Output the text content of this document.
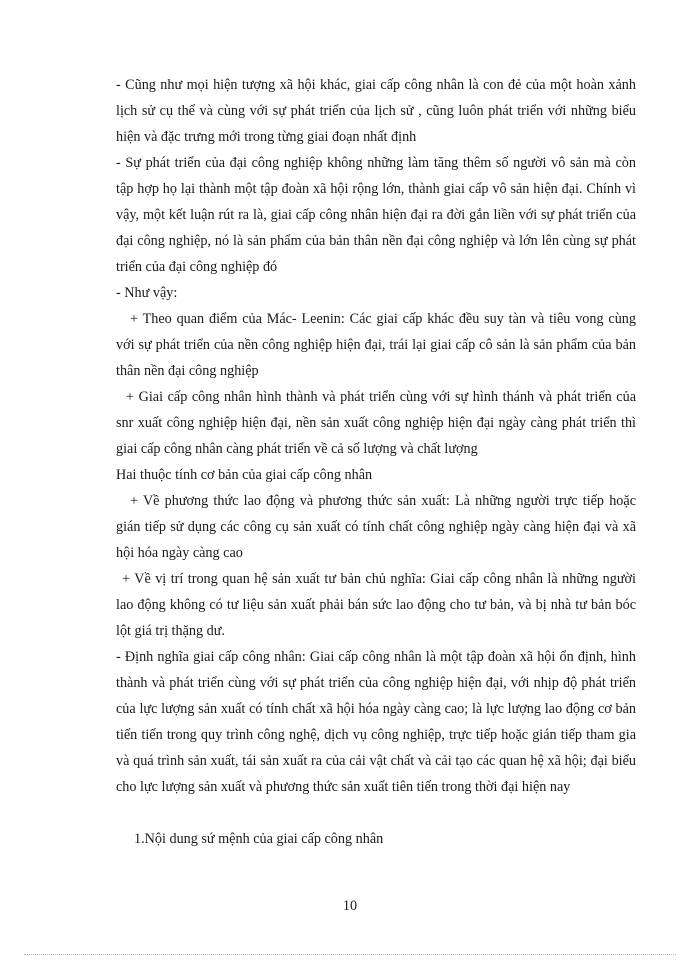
- Cũng như mọi hiện tượng xã hội khác, giai cấp công nhân là con đẻ của một hoàn xảnh lịch sử cụ thể và cùng với sự phát triển của lịch sử , cũng luôn phát triển với những biểu hiện và đặc trưng mới trong từng giai đoạn nhất định

- Sự phát triển của đại công nghiệp không những làm tăng thêm số người vô sản mà còn tập hợp họ lại thành một tập đoàn xã hội rộng lớn, thành giai cấp vô sản hiện đại. Chính vì vậy, một kết luận rút ra là, giai cấp công nhân hiện đại ra đời gắn liền với sự phát triển của đại công nghiệp, nó là sản phẩm của bản thân nền đại công nghiệp và lớn lên cùng sự phát triển của đại công nghiệp đó

- Như vậy:

+ Theo quan điểm của Mác- Leenin: Các giai cấp khác đều suy tàn và tiêu vong cùng với sự phát triển của nền công nghiệp hiện đại, trái lại giai cấp cô sản là sản phẩm của bản thân nền đại công nghiệp

+ Giai cấp công nhân hình thành và phát triển cùng với sự hình thánh và phát triển của snr xuất công nghiệp hiện đại, nền sản xuất công nghiệp hiện đại ngày càng phát triển thì giai cấp công nhân càng phát triển về cả số lượng và chất lượng

Hai thuộc tính cơ bản của giai cấp công nhân

+ Về phương thức lao động và phương thức sản xuất: Là những người trực tiếp hoặc gián tiếp sử dụng các công cụ sản xuất có tính chất công nghiệp ngày càng hiện đại và xã hội hóa ngày càng cao

+ Về vị trí trong quan hệ sản xuất tư bản chủ nghĩa: Giai cấp công nhân là những người lao động không có tư liệu sản xuất phải bán sức lao động cho tư bản, và bị nhà tư bản bóc lột giá trị thặng dư.

- Định nghĩa giai cấp công nhân: Giai cấp công nhân là một tập đoàn xã hội ổn định, hình thành và phát triển cùng với sự phát triển của công nghiệp hiện đại, với nhịp độ phát triển của lực lượng sản xuất có tính chất xã hội hóa ngày càng cao; là lực lượng lao động cơ bản tiến tiến trong quy trình công nghệ, dịch vụ công nghiệp, trực tiếp hoặc gián tiếp tham gia và quá trình sản xuất, tái sản xuất ra của cải vật chất và cải tạo các quan hệ xã hội; đại biểu cho lực lượng sản xuất và phương thức sản xuất tiên tiến trong thời đại hiện nay

1.Nội dung sứ mệnh của giai cấp công nhân

10
